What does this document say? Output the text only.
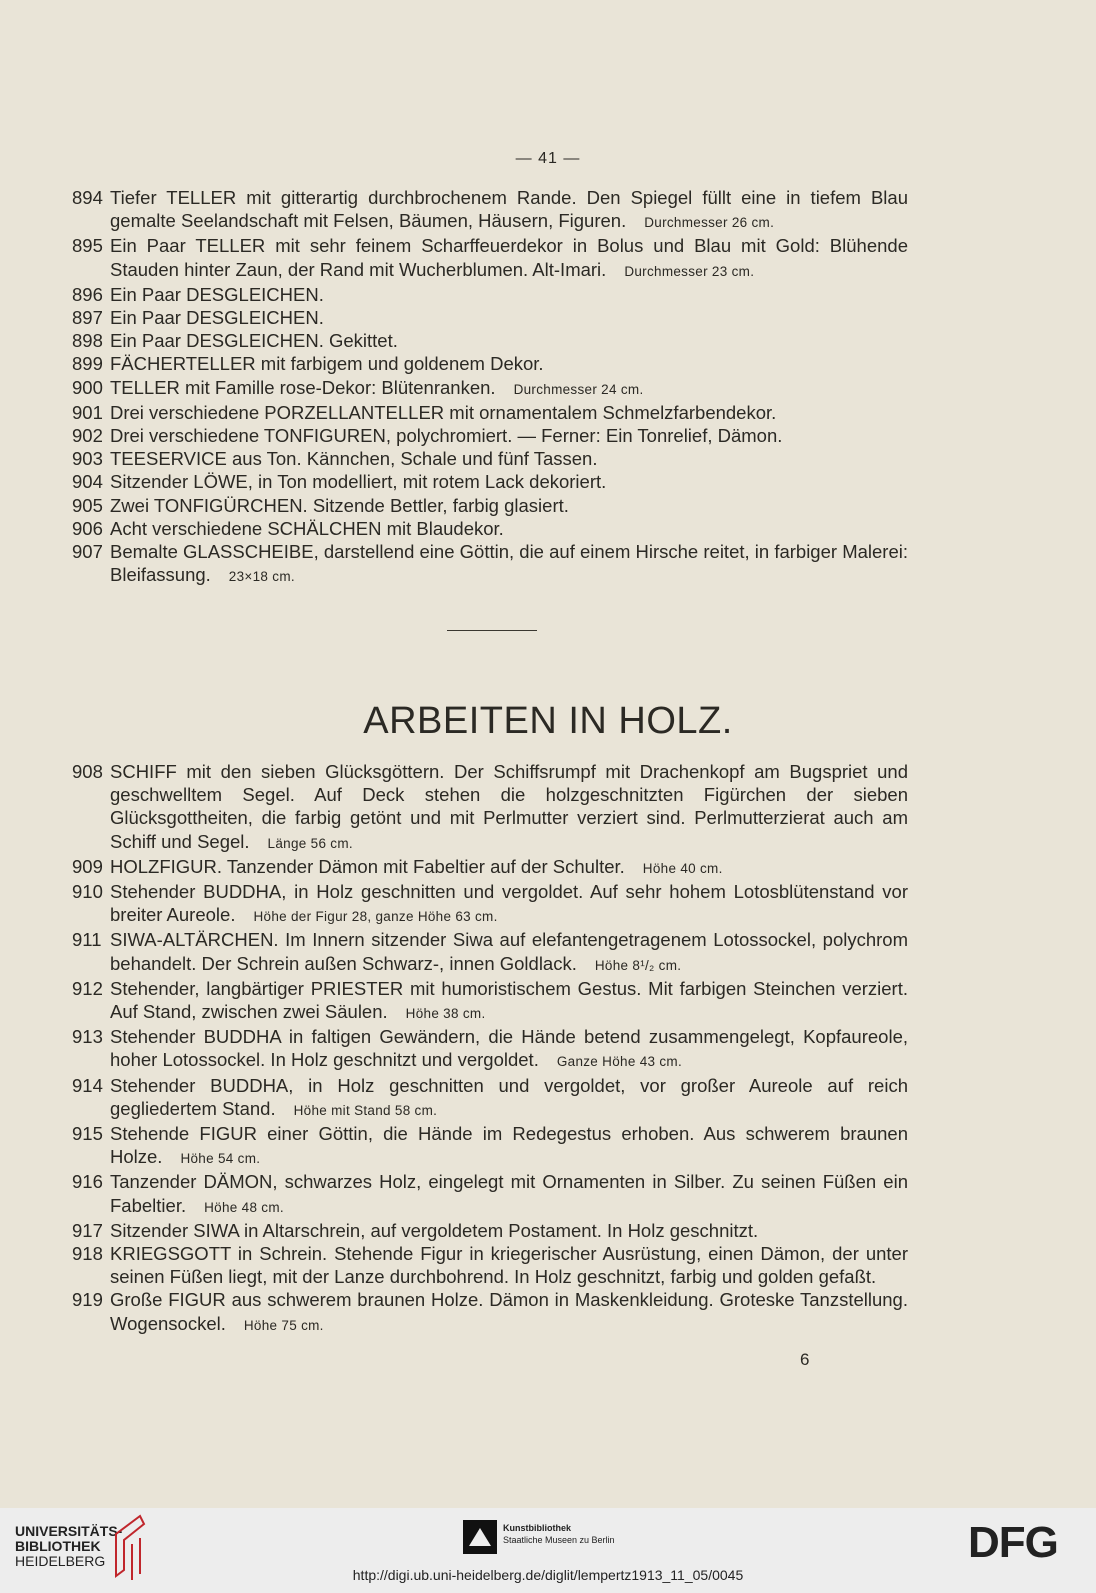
— 41 —
894 Tiefer TELLER mit gitterartig durchbrochenem Rande. Den Spiegel füllt eine in tiefem Blau gemalte Seelandschaft mit Felsen, Bäumen, Häusern, Figuren. Durchmesser 26 cm.
895 Ein Paar TELLER mit sehr feinem Scharffeuerdekor in Bolus und Blau mit Gold: Blühende Stauden hinter Zaun, der Rand mit Wucherblumen. Alt-Imari. Durchmesser 23 cm.
896 Ein Paar DESGLEICHEN.
897 Ein Paar DESGLEICHEN.
898 Ein Paar DESGLEICHEN. Gekittet.
899 FÄCHERTELLER mit farbigem und goldenem Dekor.
900 TELLER mit Famille rose-Dekor: Blütenranken. Durchmesser 24 cm.
901 Drei verschiedene PORZELLANTELLER mit ornamentalem Schmelzfarbendekor.
902 Drei verschiedene TONFIGUREN, polychromiert. — Ferner: Ein Tonrelief, Dämon.
903 TEESERVICE aus Ton. Kännchen, Schale und fünf Tassen.
904 Sitzender LÖWE, in Ton modelliert, mit rotem Lack dekoriert.
905 Zwei TONFIGÜRCHEN. Sitzende Bettler, farbig glasiert.
906 Acht verschiedene SCHÄLCHEN mit Blaudekor.
907 Bemalte GLASSCHEIBE, darstellend eine Göttin, die auf einem Hirsche reitet, in farbiger Malerei: Bleifassung. 23×18 cm.
ARBEITEN IN HOLZ.
908 SCHIFF mit den sieben Glücksgöttern. Der Schiffsrumpf mit Drachenkopf am Bugspriet und geschwelltem Segel. Auf Deck stehen die holzgeschnitzten Figürchen der sieben Glücksgottheiten, die farbig getönt und mit Perlmutter verziert sind. Perlmutterzierat auch am Schiff und Segel. Länge 56 cm.
909 HOLZFIGUR. Tanzender Dämon mit Fabeltier auf der Schulter. Höhe 40 cm.
910 Stehender BUDDHA, in Holz geschnitten und vergoldet. Auf sehr hohem Lotosblütenstand vor breiter Aureole. Höhe der Figur 28, ganze Höhe 63 cm.
911 SIWA-ALTÄRCHEN. Im Innern sitzender Siwa auf elefantengetragenem Lotossockel, polychrom behandelt. Der Schrein außen Schwarz-, innen Goldlack. Höhe 8¹/₂ cm.
912 Stehender, langbärtiger PRIESTER mit humoristischem Gestus. Mit farbigen Steinchen verziert. Auf Stand, zwischen zwei Säulen. Höhe 38 cm.
913 Stehender BUDDHA in faltigen Gewändern, die Hände betend zusammengelegt, Kopfaureole, hoher Lotossockel. In Holz geschnitzt und vergoldet. Ganze Höhe 43 cm.
914 Stehender BUDDHA, in Holz geschnitten und vergoldet, vor großer Aureole auf reich gegliedertem Stand. Höhe mit Stand 58 cm.
915 Stehende FIGUR einer Göttin, die Hände im Redegestus erhoben. Aus schwerem braunen Holze. Höhe 54 cm.
916 Tanzender DÄMON, schwarzes Holz, eingelegt mit Ornamenten in Silber. Zu seinen Füßen ein Fabeltier. Höhe 48 cm.
917 Sitzender SIWA in Altarschrein, auf vergoldetem Postament. In Holz geschnitzt.
918 KRIEGSGOTT in Schrein. Stehende Figur in kriegerischer Ausrüstung, einen Dämon, der unter seinen Füßen liegt, mit der Lanze durchbohrend. In Holz geschnitzt, farbig und golden gefaßt.
919 Große FIGUR aus schwerem braunen Holze. Dämon in Maskenkleidung. Groteske Tanzstellung. Wogensockel. Höhe 75 cm.
6
UNIVERSITÄTS-
BIBLIOTHEK
HEIDELBERG
Kunstbibliothek
Staatliche Museen zu Berlin	DFG
http://digi.ub.uni-heidelberg.de/diglit/lempertz1913_11_05/0045
